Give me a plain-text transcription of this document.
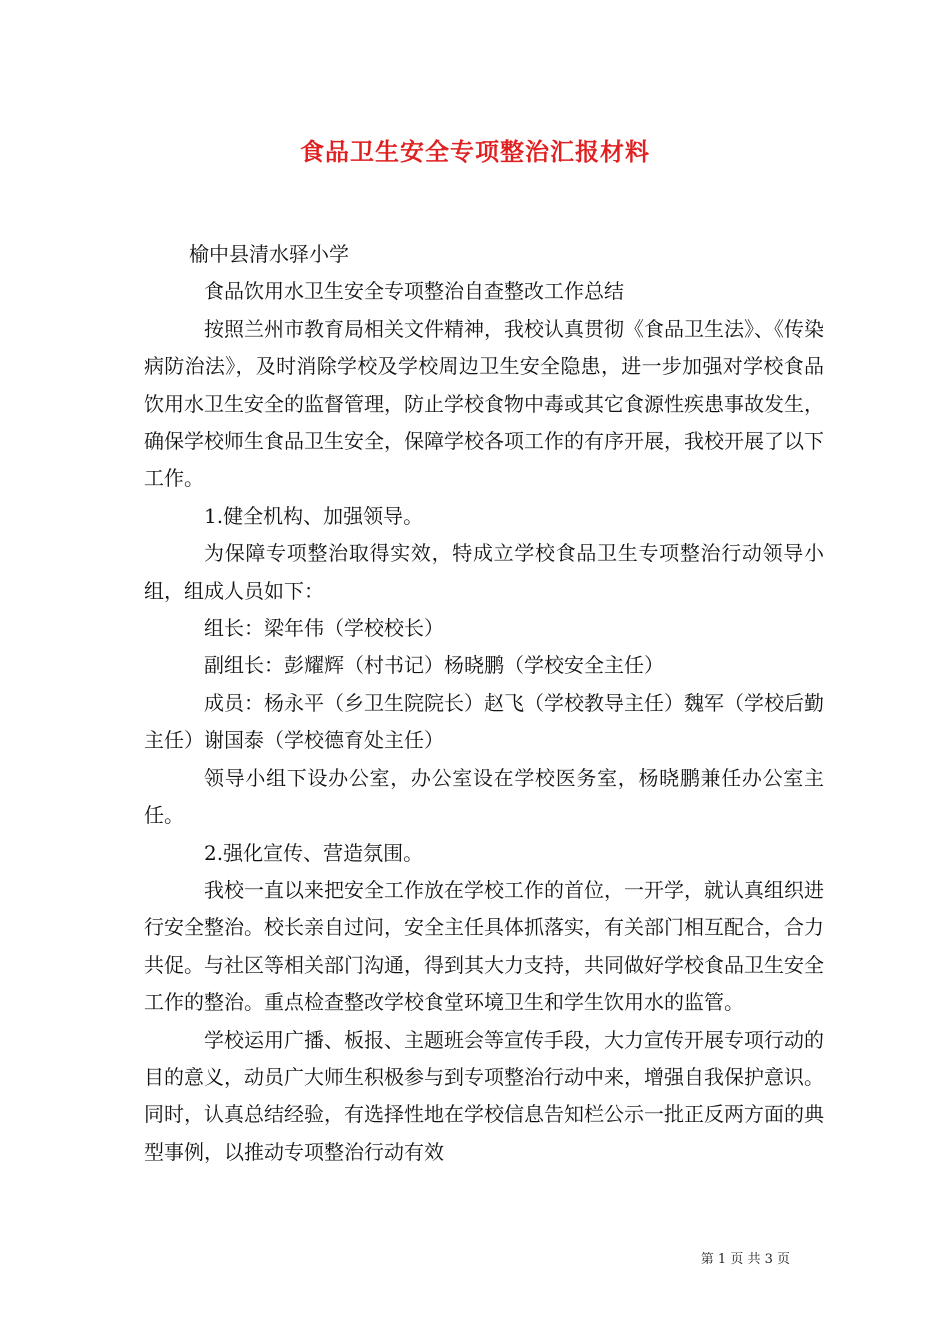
食品卫生安全专项整治汇报材料

榆中县清水驿小学

食品饮用水卫生安全专项整治自查整改工作总结

按照兰州市教育局相关文件精神，我校认真贯彻《食品卫生法》、《传染病防治法》，及时消除学校及学校周边卫生安全隐患，进一步加强对学校食品饮用水卫生安全的监督管理，防止学校食物中毒或其它食源性疾患事故发生，确保学校师生食品卫生安全，保障学校各项工作的有序开展，我校开展了以下工作。

1.健全机构、加强领导。

为保障专项整治取得实效，特成立学校食品卫生专项整治行动领导小组，组成人员如下：

组长：梁年伟（学校校长）

副组长：彭耀辉（村书记）杨晓鹏（学校安全主任）

成员：杨永平（乡卫生院院长）赵飞（学校教导主任）魏军（学校后勤主任）谢国泰（学校德育处主任）

领导小组下设办公室，办公室设在学校医务室，杨晓鹏兼任办公室主任。

2.强化宣传、营造氛围。

我校一直以来把安全工作放在学校工作的首位，一开学，就认真组织进行安全整治。校长亲自过问，安全主任具体抓落实，有关部门相互配合，合力共促。与社区等相关部门沟通，得到其大力支持，共同做好学校食品卫生安全工作的整治。重点检查整改学校食堂环境卫生和学生饮用水的监管。

学校运用广播、板报、主题班会等宣传手段，大力宣传开展专项行动的目的意义，动员广大师生积极参与到专项整治行动中来，增强自我保护意识。同时，认真总结经验，有选择性地在学校信息告知栏公示一批正反两方面的典型事例，以推动专项整治行动有效

第 1 页 共 3 页
